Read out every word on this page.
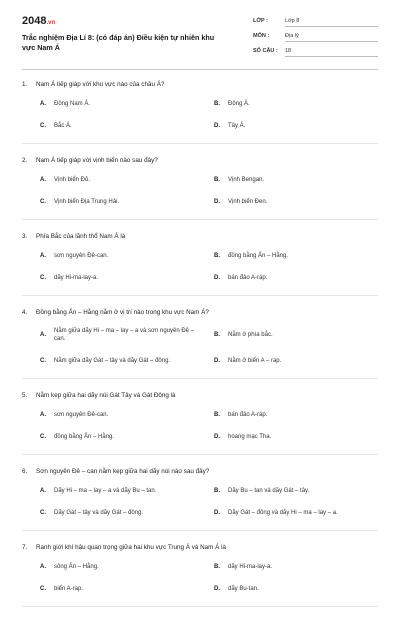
2048.vn
Trắc nghiệm Địa Lí 8: (có đáp án) Điều kiện tự nhiên khu vực Nam Á
LỚP :	Lớp 8
MÔN :	Địa lý
SỐ CÂU : 18
1. Nam Á tiếp giáp với khu vực nào của châu Á?
A.	Đông Nam Á.	B.	Đông Á.
C.	Bắc Á.	D.	Tây Á.
2. Nam Á tiếp giáp với vịnh biển nào sau đây?
A.	Vịnh biển Đỏ.	B.	Vịnh Bengan.
C.	Vịnh biển Địa Trung Hải.	D.	Vịnh biển Đen.
3. Phía Bắc của lãnh thổ Nam Á là
A.	sơn nguyên Đê-can.	B.	đồng bằng Ấn – Hằng.
C.	dãy Hi-ma-lay-a.	D.	bán đảo A-ráp.
4. Đồng bằng Ấn – Hằng nằm ở vị trí nào trong khu vực Nam Á?
A.
Nằm giữa dãy Hi – ma – lay – a và sơn nguyên Đê – can.
B.	Nằm ở phía bắc.
C.	Nằm giữa dãy Gát – tây và dãy Gát – đông.	D.	Nằm ở biển A – rap.
5. Nằm kẹp giữa hai dãy núi Gát Tây và Gát Đông là
A.	sơn nguyên Đê-can.	B.	bán đảo A-ráp.
C.	đồng bằng Ấn – Hằng.	D.	hoang mạc Tha.
6. Sơn nguyên Đê – can nằm kẹp giữa hai dãy núi nào sau đây?
A.	Dãy Hi – ma – lay – a và dãy Bu – tan.	B.	Dãy Bu – tan và dãy Gát – tây.
C.	Dãy Gát – tây và dãy Gát – đông.	D.	Dãy Gát – đông và dãy Hi – ma – lay – a.
7. Ranh giới khí hậu quan trọng giữa hai khu vực Trung Á và Nam Á là
A.	sông Ấn – Hằng.	B.	dãy Hi-ma-lay-a.
C.	biển A-rap.	D.	dãy Bu-tan.
